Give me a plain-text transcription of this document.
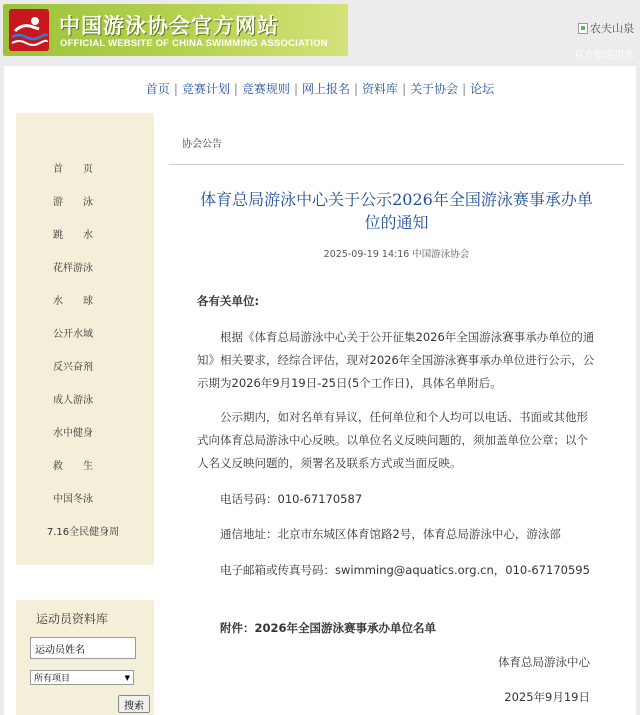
中国游泳协会官方网站
OFFICIAL WEBSITE OF CHINA SWIMMING ASSOCIATION
农夫山泉
官方指定用水
首页 | 竞赛计划 | 竞赛规则 | 网上报名 | 资料库 | 关于协会 | 论坛
首　　页
游　　泳
跳　　水
花样游泳
水　　球
公开水域
反兴奋剂
成人游泳
水中健身
救　　生
中国冬泳
7.16全民健身周
运动员资料库
运动员姓名
所有项目	▼
搜索
协会公告
体育总局游泳中心关于公示2026年全国游泳赛事承办单
位的通知
2025-09-19 14:16 中国游泳协会
各有关单位:
根据《体育总局游泳中心关于公开征集2026年全国游泳赛事承办单位的通知》相关要求，经综合评估，现对2026年全国游泳赛事承办单位进行公示，公示期为2026年9月19日-25日(5个工作日)，具体名单附后。
公示期内，如对名单有异议，任何单位和个人均可以电话、书面或其他形式向体育总局游泳中心反映。以单位名义反映问题的，须加盖单位公章；以个人名义反映问题的，须署名及联系方式或当面反映。
电话号码：010-67170587
通信地址：北京市东城区体育馆路2号，体育总局游泳中心，游泳部
电子邮箱或传真号码：swimming@aquatics.org.cn，010-67170595
附件：2026年全国游泳赛事承办单位名单
体育总局游泳中心
2025年9月19日
